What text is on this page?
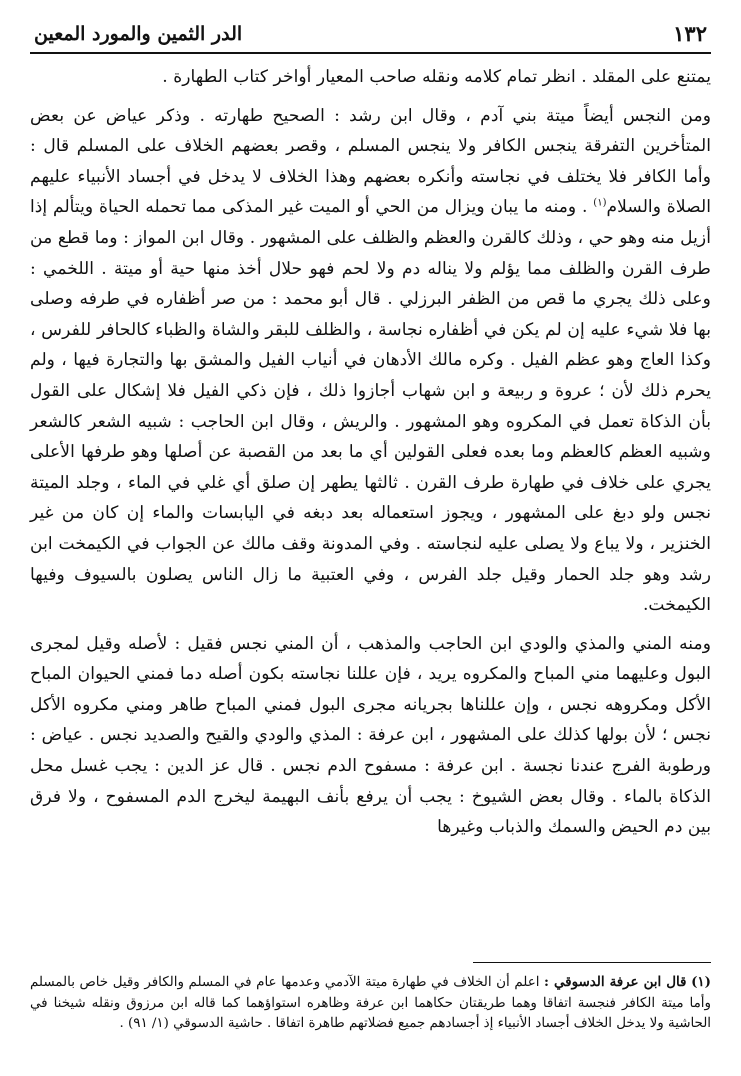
١٣٢
الدر الثمين والمورد المعين

يمتنع على المقلد . انظر تمام كلامه ونقله صاحب المعيار أواخر كتاب الطهارة .

ومن النجس أيضاً ميتة بني آدم ، وقال ابن رشد : الصحيح طهارته . وذكر عياض عن بعض المتأخرين التفرقة ينجس الكافر ولا ينجس المسلم ، وقصر بعضهم الخلاف على المسلم قال : وأما الكافر فلا يختلف في نجاسته وأنكره بعضهم وهذا الخلاف لا يدخل في أجساد الأنبياء عليهم الصلاة والسلام$^{(١)}$ . ومنه ما يبان ويزال من الحي أو الميت غير المذكى مما تحمله الحياة ويتألم إذا أزيل منه وهو حي ، وذلك كالقرن والعظم والظلف على المشهور . وقال ابن المواز : وما قطع من طرف القرن والظلف مما يؤلم ولا يناله دم ولا لحم فهو حلال أخذ منها حية أو ميتة . اللخمي : وعلى ذلك يجري ما قص من الظفر البرزلي . قال أبو محمد : من صر أظفاره في طرفه وصلى بها فلا شيء عليه إن لم يكن في أظفاره نجاسة ، والظلف للبقر والشاة والظباء كالحافر للفرس ، وكذا العاج وهو عظم الفيل . وكره مالك الأدهان في أنياب الفيل والمشق بها والتجارة فيها ، ولم يحرم ذلك لأن ؛ عروة و ربيعة و ابن شهاب أجازوا ذلك ، فإن ذكي الفيل فلا إشكال على القول بأن الذكاة تعمل في المكروه وهو المشهور . والريش ، وقال ابن الحاجب : شبيه الشعر كالشعر وشبيه العظم كالعظم وما بعده فعلى القولين أي ما بعد من القصبة عن أصلها وهو طرفها الأعلى يجري على خلاف في طهارة طرف القرن . ثالثها يطهر إن صلق أي غلي في الماء ، وجلد الميتة نجس ولو دبغ على المشهور ، ويجوز استعماله بعد دبغه في اليابسات والماء إن كان من غير الخنزير ، ولا يباع ولا يصلى عليه لنجاسته . وفي المدونة وقف مالك عن الجواب في الكيمخت ابن رشد وهو جلد الحمار وقيل جلد الفرس ، وفي العتبية ما زال الناس يصلون بالسيوف وفيها الكيمخت.

ومنه المني والمذي والودي ابن الحاجب والمذهب ، أن المني نجس فقيل : لأصله وقيل لمجرى البول وعليهما مني المباح والمكروه يريد ، فإن عللنا نجاسته بكون أصله دما فمني الحيوان المباح الأكل ومكروهه نجس ، وإن عللناها بجريانه مجرى البول فمني المباح طاهر ومني مكروه الأكل نجس ؛ لأن بولها كذلك على المشهور ، ابن عرفة : المذي والودي والقيح والصديد نجس . عياض : ورطوبة الفرج عندنا نجسة . ابن عرفة : مسفوح الدم نجس . قال عز الدين : يجب غسل محل الذكاة بالماء . وقال بعض الشيوخ : يجب أن يرفع بأنف البهيمة ليخرج الدم المسفوح ، ولا فرق بين دم الحيض والسمك والذباب وغيرها

(١) قال ابن عرفة الدسوقي : اعلم أن الخلاف في طهارة ميتة الآدمي وعدمها عام في المسلم والكافر وقيل خاص بالمسلم وأما ميتة الكافر فنجسة اتفاقا وهما طريقتان حكاهما ابن عرفة وظاهره استواؤهما كما قاله ابن مرزوق ونقله شيخنا في الحاشية ولا يدخل الخلاف أجساد الأنبياء إذ أجسادهم جميع فضلاتهم طاهرة اتفاقا . حاشية الدسوقي (١/ ٩١) .
